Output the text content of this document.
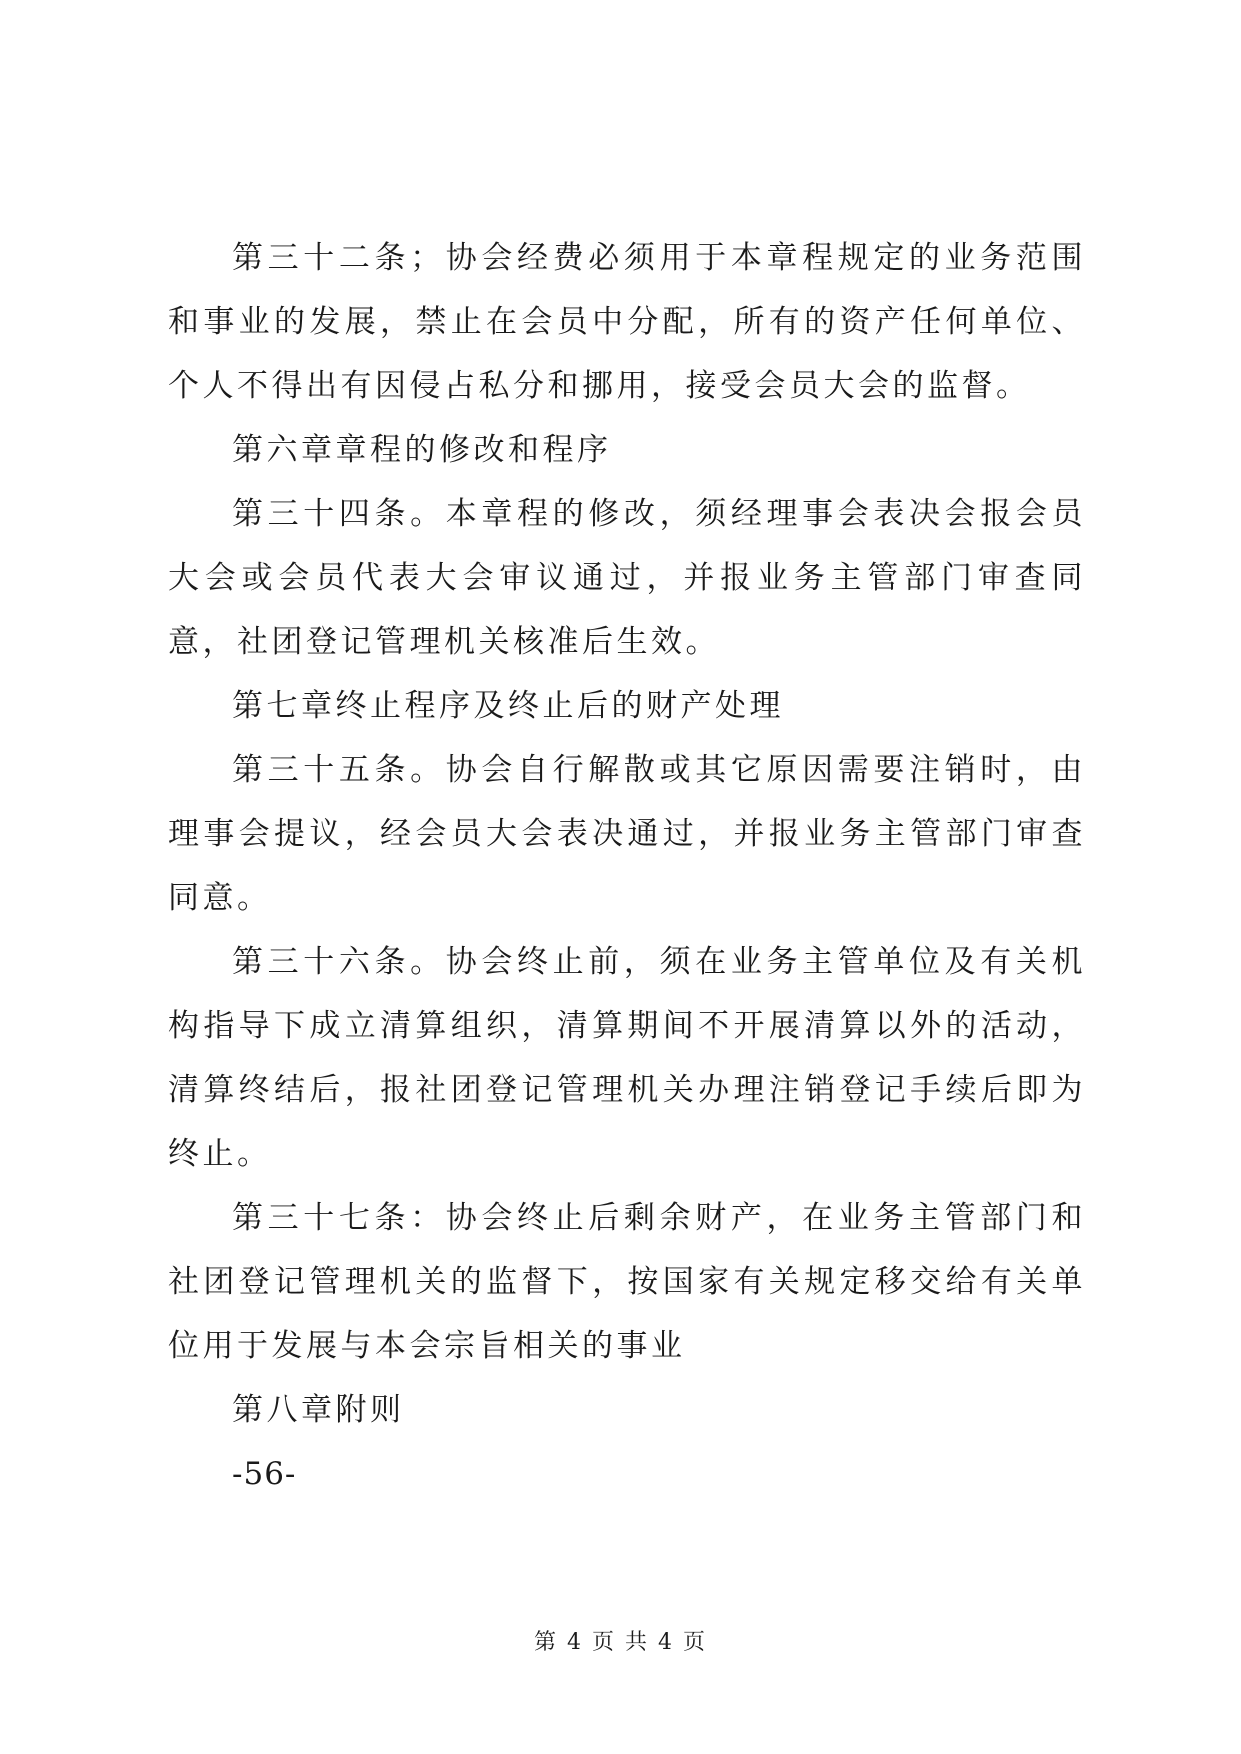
第三十二条；协会经费必须用于本章程规定的业务范围和事业的发展，禁止在会员中分配，所有的资产任何单位、个人不得出有因侵占私分和挪用，接受会员大会的监督。

第六章章程的修改和程序

第三十四条。本章程的修改，须经理事会表决会报会员大会或会员代表大会审议通过，并报业务主管部门审查同意，社团登记管理机关核准后生效。

第七章终止程序及终止后的财产处理

第三十五条。协会自行解散或其它原因需要注销时，由理事会提议，经会员大会表决通过，并报业务主管部门审查同意。

第三十六条。协会终止前，须在业务主管单位及有关机构指导下成立清算组织，清算期间不开展清算以外的活动，清算终结后，报社团登记管理机关办理注销登记手续后即为终止。

第三十七条：协会终止后剩余财产，在业务主管部门和社团登记管理机关的监督下，按国家有关规定移交给有关单位用于发展与本会宗旨相关的事业

第八章附则

-56-

第 4 页 共 4 页
